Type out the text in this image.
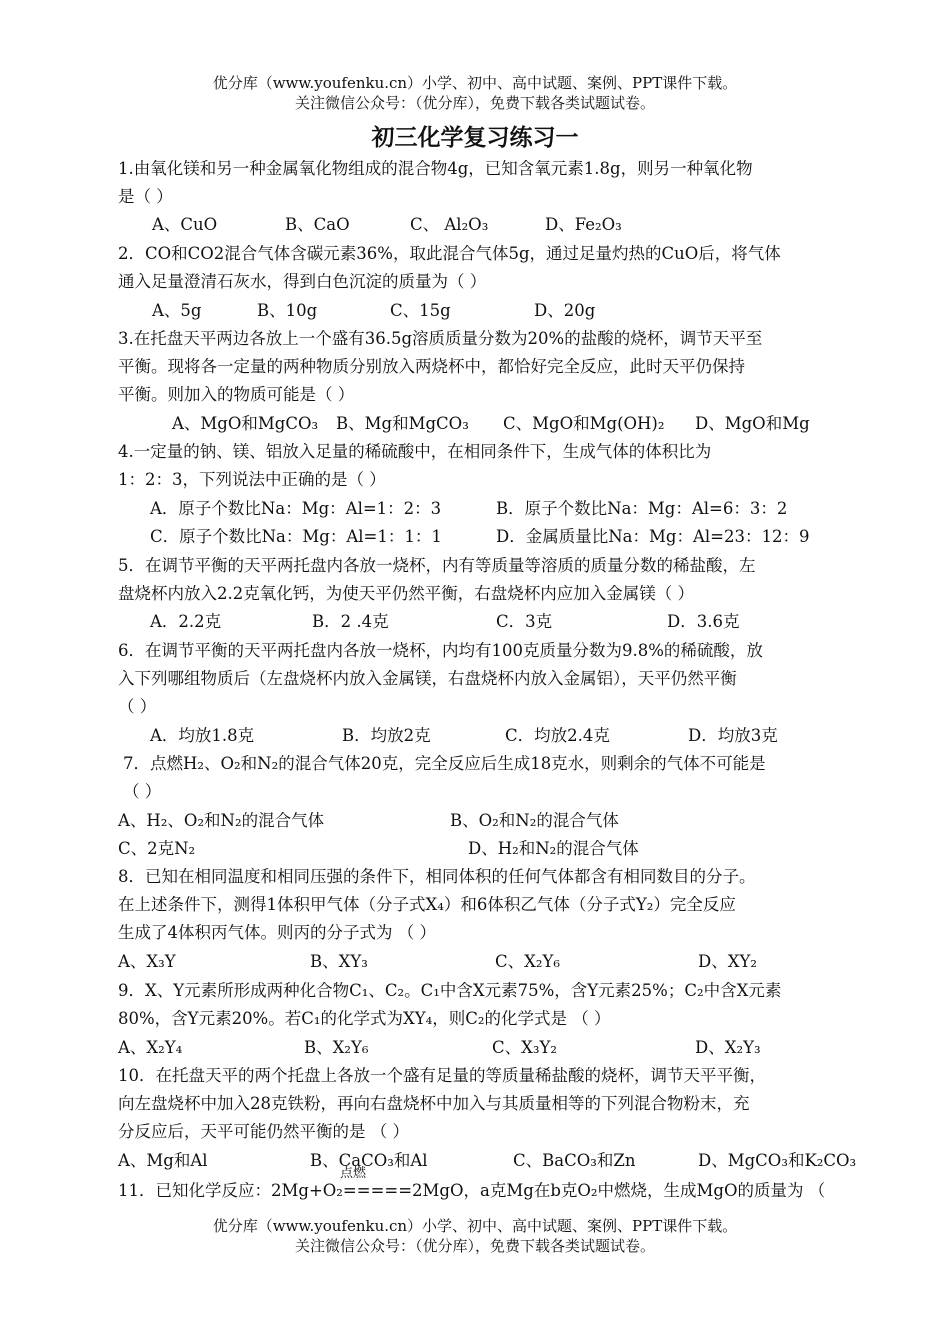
优分库（www.youfenku.cn）小学、初中、高中试题、案例、PPT课件下载。
关注微信公众号：（优分库），免费下载各类试题试卷。
初三化学复习练习一
1.由氧化镁和另一种金属氧化物组成的混合物4g，已知含氧元素1.8g，则另一种氧化物
是（ ）
A、CuO	B、CaO	C、 Al₂O₃	D、Fe₂O₃
2．CO和CO2混合气体含碳元素36%，取此混合气体5g，通过足量灼热的CuO后，将气体
通入足量澄清石灰水，得到白色沉淀的质量为（ ）
A、5g	B、10g	C、15g	D、20g
3.在托盘天平两边各放上一个盛有36.5g溶质质量分数为20%的盐酸的烧杯，调节天平至
平衡。现将各一定量的两种物质分别放入两烧杯中，都恰好完全反应，此时天平仍保持
平衡。则加入的物质可能是（ ）
A、MgO和MgCO₃ B、Mg和MgCO₃ C、MgO和Mg(OH)₂ D、MgO和Mg
4.一定量的钠、镁、铝放入足量的稀硫酸中，在相同条件下，生成气体的体积比为
1：2：3，下列说法中正确的是（ ）
A．原子个数比Na：Mg：Al=1：2：3	B．原子个数比Na：Mg：Al=6：3：2
C．原子个数比Na：Mg：Al=1：1：1	D．金属质量比Na：Mg：Al=23：12：9
5．在调节平衡的天平两托盘内各放一烧杯，内有等质量等溶质的质量分数的稀盐酸，左
盘烧杯内放入2.2克氧化钙，为使天平仍然平衡，右盘烧杯内应加入金属镁（ ）
A．2.2克	B．2 .4克	C．3克	D．3.6克
6．在调节平衡的天平两托盘内各放一烧杯，内均有100克质量分数为9.8%的稀硫酸，放
入下列哪组物质后（左盘烧杯内放入金属镁，右盘烧杯内放入金属铝），天平仍然平衡
（ ）
A．均放1.8克	B．均放2克	C．均放2.4克	D．均放3克
7．点燃H₂、O₂和N₂的混合气体20克，完全反应后生成18克水，则剩余的气体不可能是
（ ）
A、H₂、O₂和N₂的混合气体	B、O₂和N₂的混合气体
C、2克N₂	D、H₂和N₂的混合气体
8．已知在相同温度和相同压强的条件下，相同体积的任何气体都含有相同数目的分子。
在上述条件下，测得1体积甲气体（分子式X₄）和6体积乙气体（分子式Y₂）完全反应
生成了4体积丙气体。则丙的分子式为 （ ）
A、X₃Y	B、XY₃	C、X₂Y₆	D、XY₂
9．X、Y元素所形成两种化合物C₁、C₂。C₁中含X元素75%，含Y元素25%；C₂中含X元素
80%，含Y元素20%。若C₁的化学式为XY₄，则C₂的化学式是 （ ）
A、X₂Y₄	B、X₂Y₆	C、X₃Y₂	D、X₂Y₃
10．在托盘天平的两个托盘上各放一个盛有足量的等质量稀盐酸的烧杯，调节天平平衡，
向左盘烧杯中加入28克铁粉，再向右盘烧杯中加入与其质量相等的下列混合物粉末，充
分反应后，天平可能仍然平衡的是 （ ）
A、Mg和Al	B、CaCO₃和Al	C、BaCO₃和Zn	D、MgCO₃和K₂CO₃
点燃
11．已知化学反应：2Mg+O₂=====2MgO，a克Mg在b克O₂中燃烧，生成MgO的质量为 （
优分库（www.youfenku.cn）小学、初中、高中试题、案例、PPT课件下载。
关注微信公众号：（优分库），免费下载各类试题试卷。
